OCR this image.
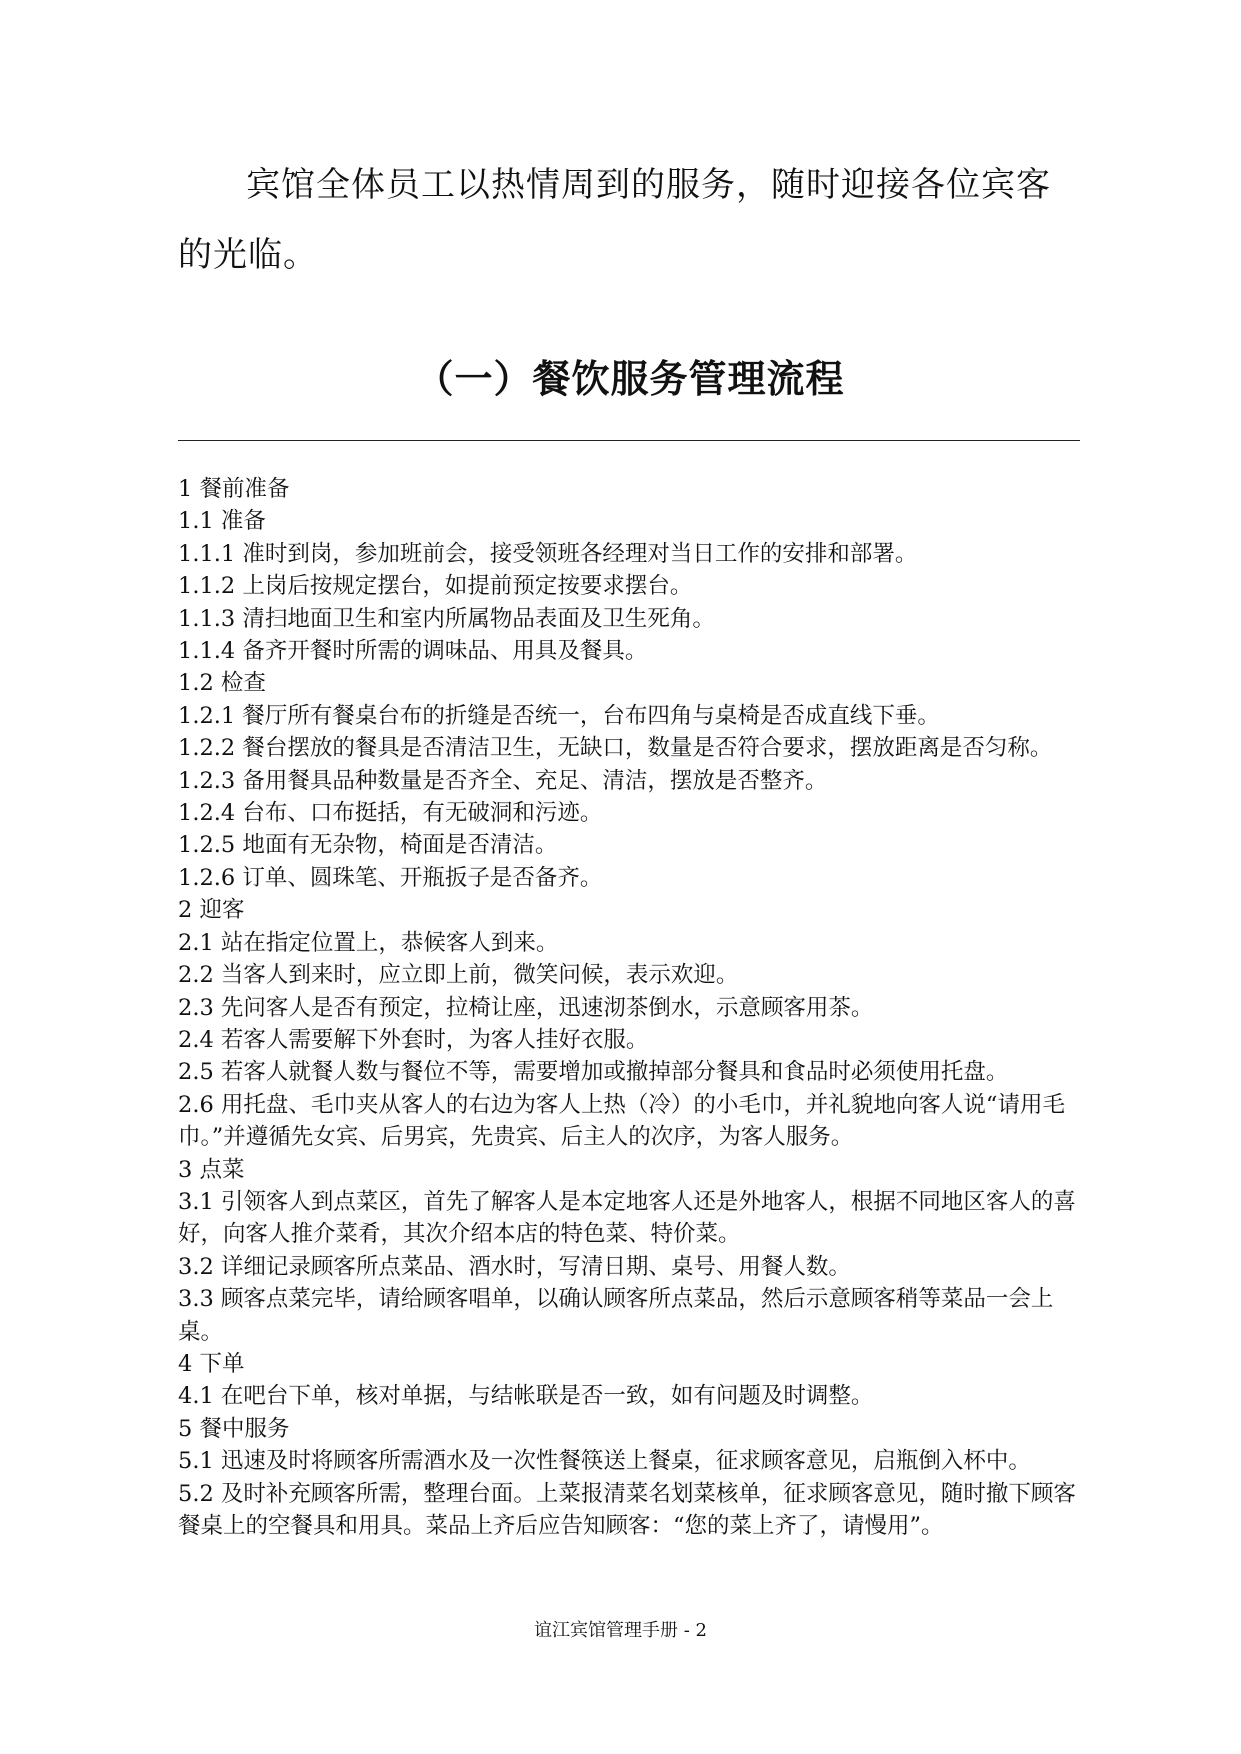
宾馆全体员工以热情周到的服务，随时迎接各位宾客的光临。

（一）餐饮服务管理流程

1 餐前准备

1.1 准备

1.1.1 准时到岗，参加班前会，接受领班各经理对当日工作的安排和部署。

1.1.2 上岗后按规定摆台，如提前预定按要求摆台。

1.1.3 清扫地面卫生和室内所属物品表面及卫生死角。

1.1.4 备齐开餐时所需的调味品、用具及餐具。

1.2 检查

1.2.1 餐厅所有餐桌台布的折缝是否统一，台布四角与桌椅是否成直线下垂。

1.2.2 餐台摆放的餐具是否清洁卫生，无缺口，数量是否符合要求，摆放距离是否匀称。

1.2.3 备用餐具品种数量是否齐全、充足、清洁，摆放是否整齐。

1.2.4 台布、口布挺括，有无破洞和污迹。

1.2.5 地面有无杂物，椅面是否清洁。

1.2.6 订单、圆珠笔、开瓶扳子是否备齐。

2 迎客

2.1 站在指定位置上，恭候客人到来。

2.2 当客人到来时，应立即上前，微笑问候，表示欢迎。

2.3 先问客人是否有预定，拉椅让座，迅速沏茶倒水，示意顾客用茶。

2.4 若客人需要解下外套时，为客人挂好衣服。

2.5 若客人就餐人数与餐位不等，需要增加或撤掉部分餐具和食品时必须使用托盘。

2.6 用托盘、毛巾夹从客人的右边为客人上热（冷）的小毛巾，并礼貌地向客人说“请用毛巾。”并遵循先女宾、后男宾，先贵宾、后主人的次序，为客人服务。

3 点菜

3.1 引领客人到点菜区，首先了解客人是本定地客人还是外地客人，根据不同地区客人的喜好，向客人推介菜肴，其次介绍本店的特色菜、特价菜。

3.2 详细记录顾客所点菜品、酒水时，写清日期、桌号、用餐人数。

3.3 顾客点菜完毕，请给顾客唱单，以确认顾客所点菜品，然后示意顾客稍等菜品一会上桌。

4 下单

4.1 在吧台下单，核对单据，与结帐联是否一致，如有问题及时调整。

5 餐中服务

5.1 迅速及时将顾客所需酒水及一次性餐筷送上餐桌，征求顾客意见，启瓶倒入杯中。

5.2 及时补充顾客所需，整理台面。上菜报清菜名划菜核单，征求顾客意见，随时撤下顾客餐桌上的空餐具和用具。菜品上齐后应告知顾客：“您的菜上齐了，请慢用”。

谊江宾馆管理手册 - 2
